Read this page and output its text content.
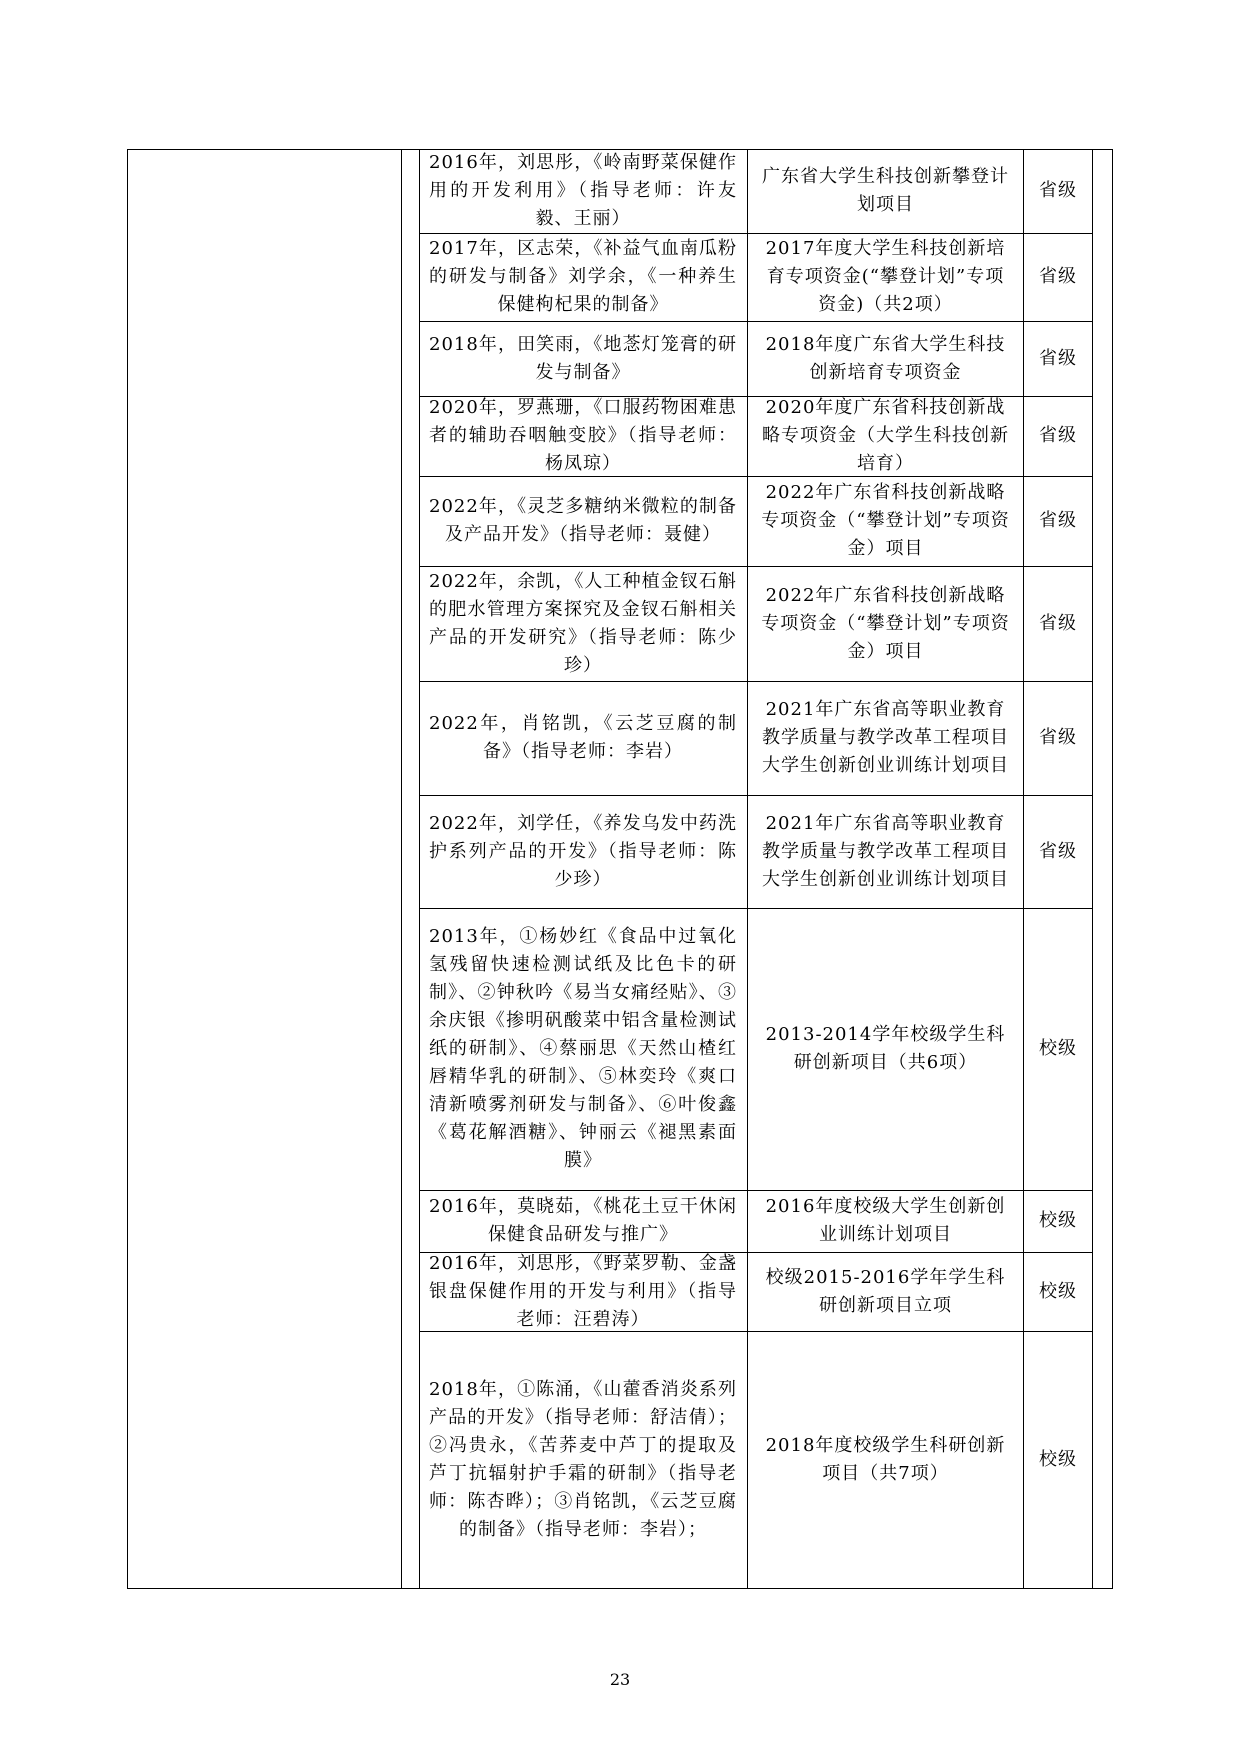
2016年，刘思彤，《岭南野菜保健作用的开发利用》（指导老师：许友毅、王丽）
广东省大学生科技创新攀登计划项目
省级
2017年，区志荣，《补益气血南瓜粉的研发与制备》刘学余，《一种养生保健枸杞果的制备》
2017年度大学生科技创新培育专项资金(“攀登计划”专项资金)（共2项）
省级
2018年，田笑雨，《地菍灯笼膏的研发与制备》
2018年度广东省大学生科技创新培育专项资金
省级
2020年，罗燕珊，《口服药物困难患者的辅助吞咽触变胶》（指导老师：杨凤琼）
2020年度广东省科技创新战略专项资金（大学生科技创新培育）
省级
2022年，《灵芝多糖纳米微粒的制备及产品开发》（指导老师：聂健）
2022年广东省科技创新战略专项资金（“攀登计划”专项资金）项目
省级
2022年，余凯，《人工种植金钗石斛的肥水管理方案探究及金钗石斛相关产品的开发研究》（指导老师：陈少珍）
2022年广东省科技创新战略专项资金（“攀登计划”专项资金）项目
省级
2022年，肖铭凯，《云芝豆腐的制备》（指导老师：李岩）
2021年广东省高等职业教育教学质量与教学改革工程项目大学生创新创业训练计划项目
省级
2022年，刘学任，《养发乌发中药洗护系列产品的开发》（指导老师：陈少珍）
2021年广东省高等职业教育教学质量与教学改革工程项目大学生创新创业训练计划项目
省级
2013年，①杨妙红《食品中过氧化氢残留快速检测试纸及比色卡的研制》、②钟秋吟《易当女痛经贴》、③余庆银《掺明矾酸菜中铝含量检测试纸的研制》、④蔡丽思《天然山楂红唇精华乳的研制》、⑤林奕玲《爽口清新喷雾剂研发与制备》、⑥叶俊鑫《葛花解酒糖》、钟丽云《褪黑素面膜》
2013-2014学年校级学生科研创新项目（共6项）
校级
2016年，莫晓茹，《桃花土豆干休闲保健食品研发与推广》
2016年度校级大学生创新创业训练计划项目
校级
2016年，刘思彤，《野菜罗勒、金盏银盘保健作用的开发与利用》（指导老师：汪碧涛）
校级2015-2016学年学生科研创新项目立项
校级
2018年，①陈涌，《山藿香消炎系列产品的开发》（指导老师：舒洁倩）；②冯贵永，《苦荞麦中芦丁的提取及芦丁抗辐射护手霜的研制》（指导老师：陈杏晔）；③肖铭凯，《云芝豆腐的制备》（指导老师：李岩）；
2018年度校级学生科研创新项目（共7项）
校级
23
